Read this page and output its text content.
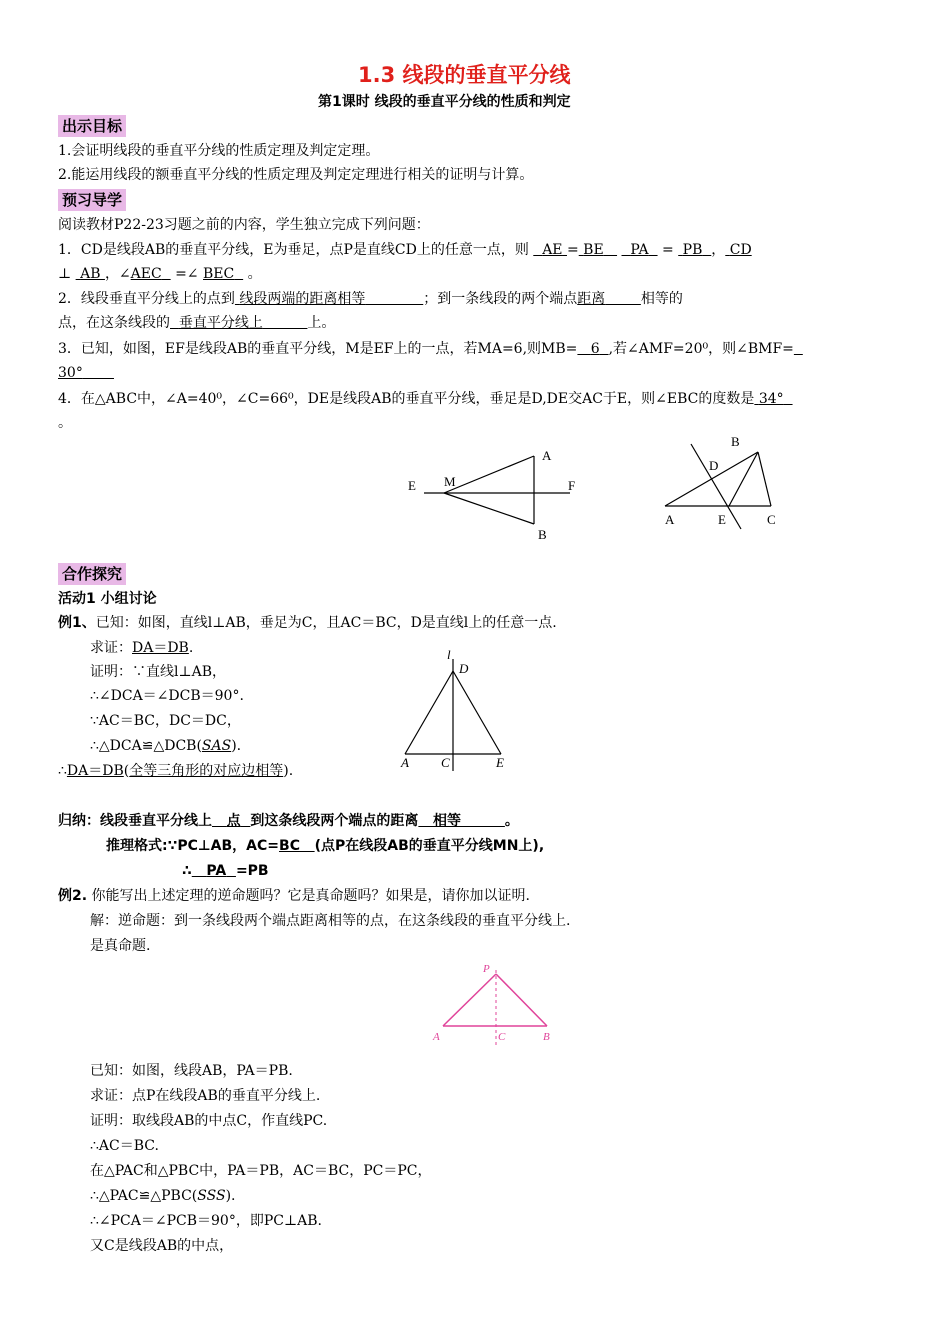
1.3 线段的垂直平分线
第1课时 线段的垂直平分线的性质和判定
出示目标
1.会证明线段的垂直平分线的性质定理及判定定理。
2.能运用线段的额垂直平分线的性质定理及判定定理进行相关的证明与计算。
预习导学
阅读教材P22-23习题之前的内容，学生独立完成下列问题：
1．CD是线段AB的垂直平分线，E为垂足，点P是直线CD上的任意一点，则 AE = BE PA = PB ， CD
⊥ AB ，∠AEC =∠ BEC 。
2．线段垂直平分线上的点到 线段两端的距离相等	；到一条线段的两个端点距离	相等的
点，在这条线段的 垂直平分线上	上。
3．已知，如图，EF是线段AB的垂直平分线，M是EF上的一点，若MA=6,则MB= 6 ,若∠AMF=20⁰，则∠BMF=
30°
4．在△ABC中，∠A=40⁰，∠C=66⁰，DE是线段AB的垂直平分线，垂足是D,DE交AC于E，则∠EBC的度数是 34°
。
E M	F
A
B
B
D
A	E	C
合作探究
活动1 小组讨论
例1、已知：如图，直线l⊥AB，垂足为C，且AC＝BC，D是直线l上的任意一点.
求证：DA＝DB.
证明：∵直线l⊥AB，
∴∠DCA＝∠DCB＝90°.
∵AC＝BC，DC＝DC，
∴△DCA≌△DCB(SAS).
∴DA＝DB(全等三角形的对应边相等).
l
D
A C	E
归纳：线段垂直平分线上 点 到这条线段两个端点的距离 相等	。
推理格式:∵PC⊥AB，AC=BC (点P在线段AB的垂直平分线MN上),
∴ PA =PB
例2. 你能写出上述定理的逆命题吗？它是真命题吗？如果是，请你加以证明.
解：逆命题：到一条线段两个端点距离相等的点，在这条线段的垂直平分线上.
是真命题.
P
A	C	B
已知：如图，线段AB，PA＝PB.
求证：点P在线段AB的垂直平分线上.
证明：取线段AB的中点C，作直线PC.
∴AC＝BC.
在△PAC和△PBC中，PA＝PB，AC＝BC，PC＝PC，
∴△PAC≌△PBC(SSS).
∴∠PCA＝∠PCB＝90°，即PC⊥AB.
又C是线段AB的中点，
